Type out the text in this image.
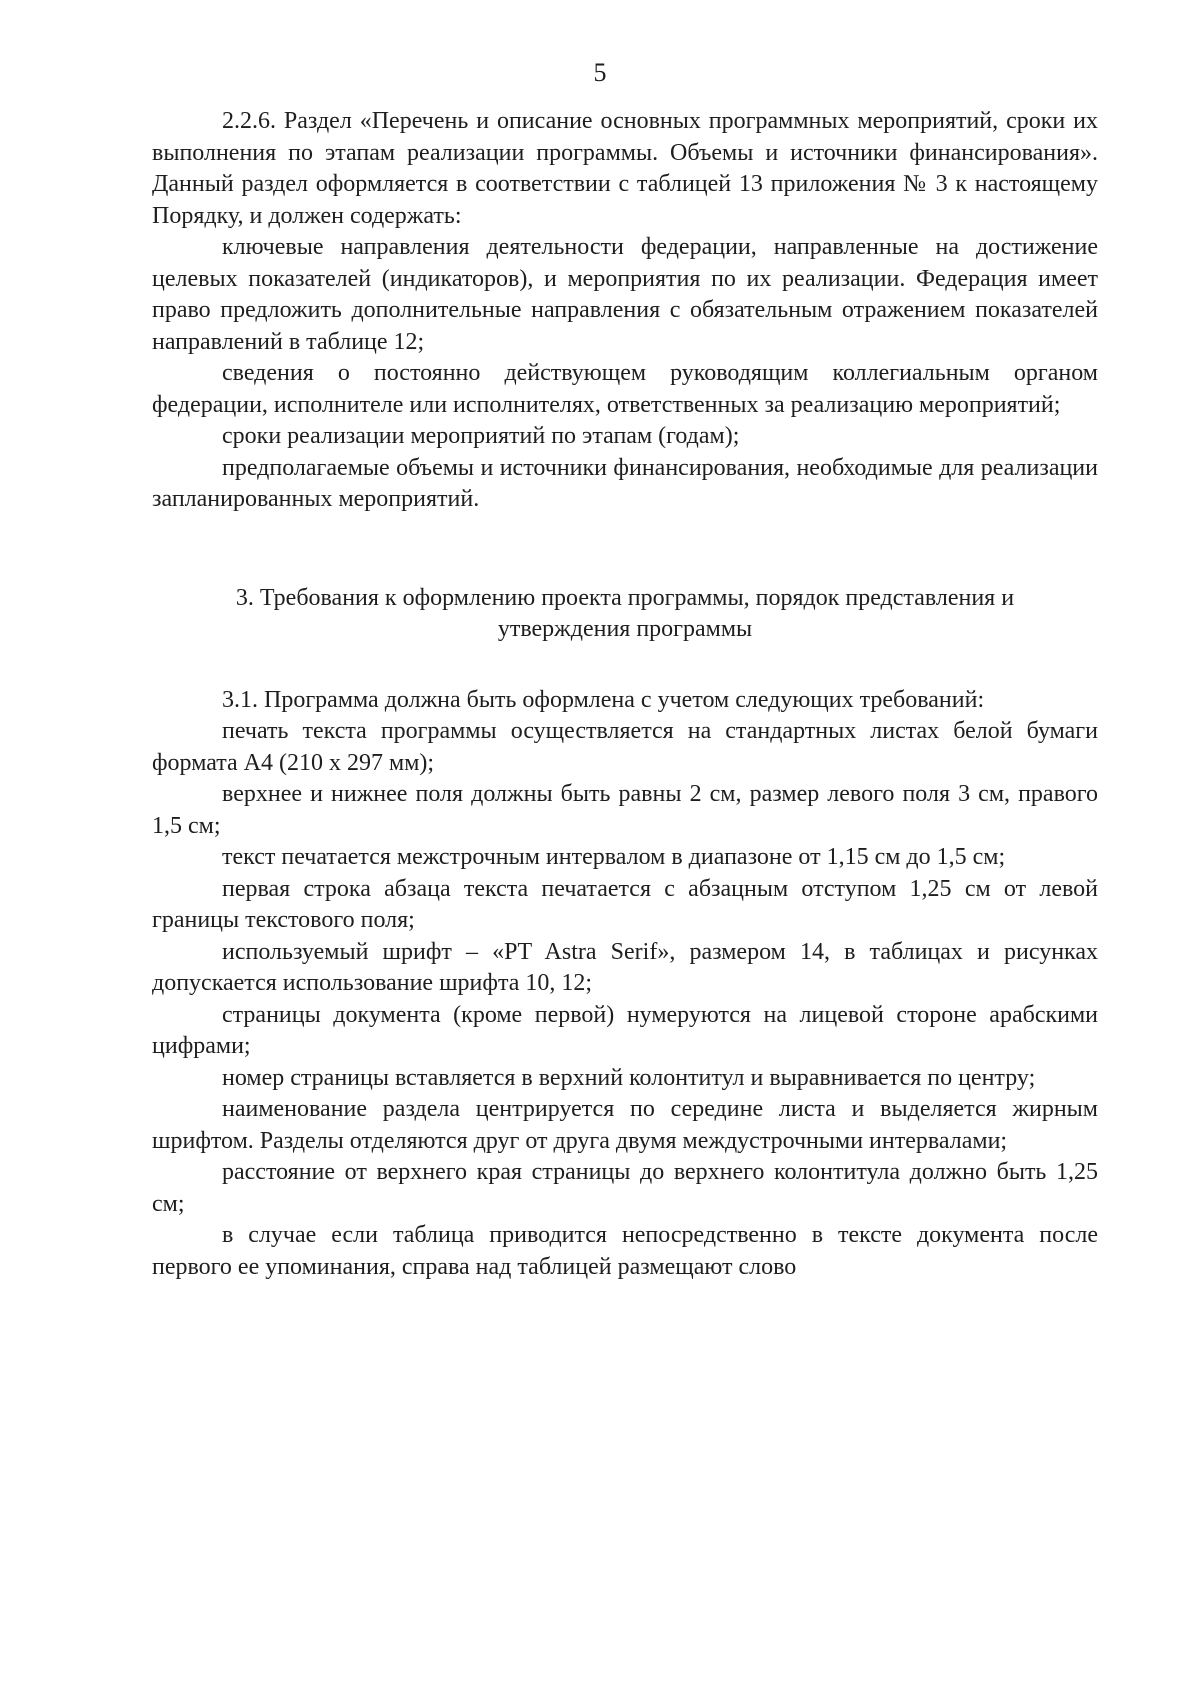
5

2.2.6. Раздел «Перечень и описание основных программных мероприятий, сроки их выполнения по этапам реализации программы. Объемы и источники финансирования». Данный раздел оформляется в соответствии с таблицей 13 приложения № 3 к настоящему Порядку, и должен содержать:

ключевые направления деятельности федерации, направленные на достижение целевых показателей (индикаторов), и мероприятия по их реализации. Федерация имеет право предложить дополнительные направления с обязательным отражением показателей направлений в таблице 12;

сведения о постоянно действующем руководящим коллегиальным органом федерации, исполнителе или исполнителях, ответственных за реализацию мероприятий;

сроки реализации мероприятий по этапам (годам);

предполагаемые объемы и источники финансирования, необходимые для реализации запланированных мероприятий.

3. Требования к оформлению проекта программы, порядок представления и
утверждения программы

3.1. Программа должна быть оформлена с учетом следующих требований:

печать текста программы осуществляется на стандартных листах белой бумаги формата А4 (210 х 297 мм);

верхнее и нижнее поля должны быть равны 2 см, размер левого поля 3 см, правого 1,5 см;

текст печатается межстрочным интервалом в диапазоне от 1,15 см до 1,5 см;

первая строка абзаца текста печатается с абзацным отступом 1,25 см от левой границы текстового поля;

используемый шрифт – «PT Astra Serif», размером 14, в таблицах и рисунках допускается использование шрифта 10, 12;

страницы документа (кроме первой) нумеруются на лицевой стороне арабскими цифрами;

номер страницы вставляется в верхний колонтитул и выравнивается по центру;

наименование раздела центрируется по середине листа и выделяется жирным шрифтом. Разделы отделяются друг от друга двумя междустрочными интервалами;

расстояние от верхнего края страницы до верхнего колонтитула должно быть 1,25 см;

в случае если таблица приводится непосредственно в тексте документа после первого ее упоминания, справа над таблицей размещают слово
